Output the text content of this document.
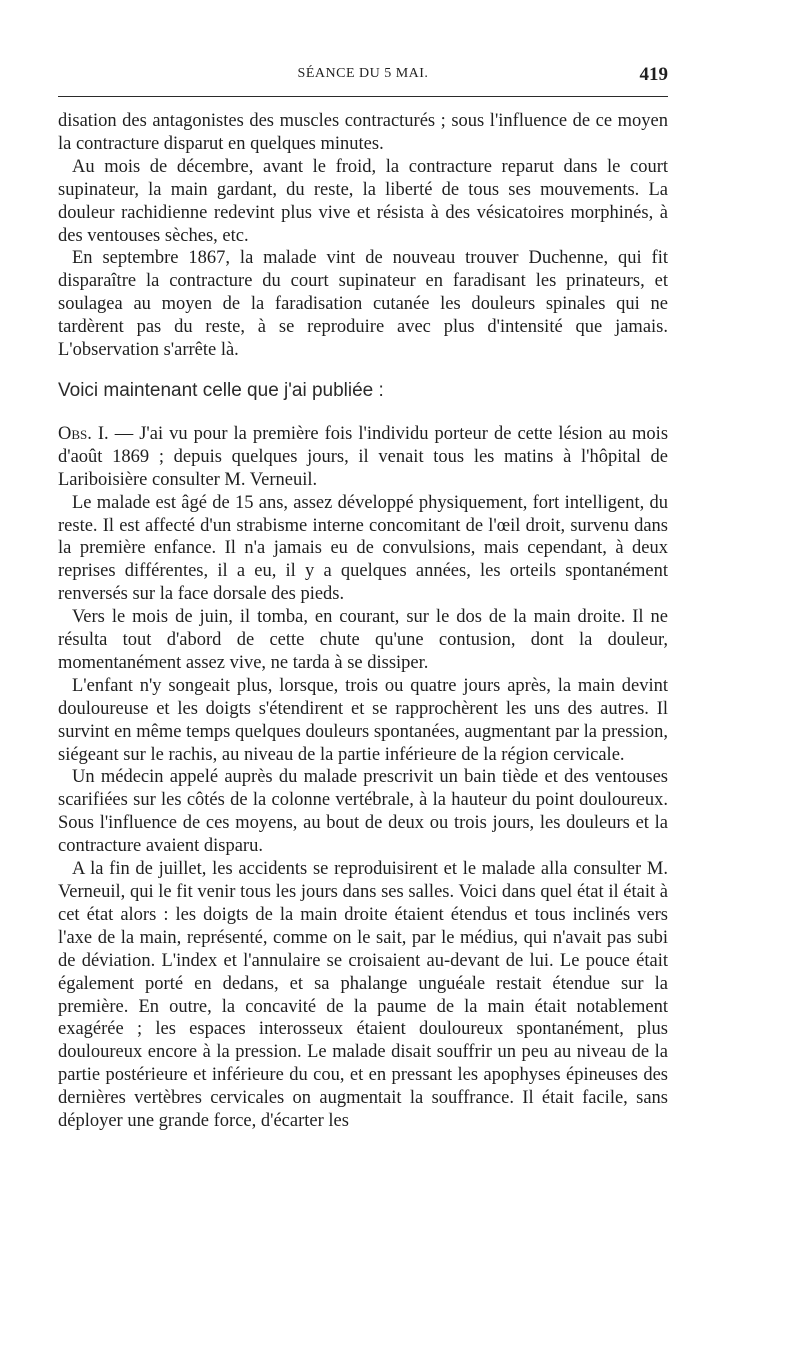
SÉANCE DU 5 MAI.	419

disation des antagonistes des muscles contracturés ; sous l'influence de ce moyen la contracture disparut en quelques minutes.

Au mois de décembre, avant le froid, la contracture reparut dans le court supinateur, la main gardant, du reste, la liberté de tous ses mouvements. La douleur rachidienne redevint plus vive et résista à des vésicatoires morphinés, à des ventouses sèches, etc.

En septembre 1867, la malade vint de nouveau trouver Duchenne, qui fit disparaître la contracture du court supinateur en faradisant les prinateurs, et soulagea au moyen de la faradisation cutanée les douleurs spinales qui ne tardèrent pas du reste, à se reproduire avec plus d'intensité que jamais. L'observation s'arrête là.

Voici maintenant celle que j'ai publiée :

Obs. I. — J'ai vu pour la première fois l'individu porteur de cette lésion au mois d'août 1869 ; depuis quelques jours, il venait tous les matins à l'hôpital de Lariboisière consulter M. Verneuil.

Le malade est âgé de 15 ans, assez développé physiquement, fort intelligent, du reste. Il est affecté d'un strabisme interne concomitant de l'œil droit, survenu dans la première enfance. Il n'a jamais eu de convulsions, mais cependant, à deux reprises différentes, il a eu, il y a quelques années, les orteils spontanément renversés sur la face dorsale des pieds.

Vers le mois de juin, il tomba, en courant, sur le dos de la main droite. Il ne résulta tout d'abord de cette chute qu'une contusion, dont la douleur, momentanément assez vive, ne tarda à se dissiper.

L'enfant n'y songeait plus, lorsque, trois ou quatre jours après, la main devint douloureuse et les doigts s'étendirent et se rapprochèrent les uns des autres. Il survint en même temps quelques douleurs spontanées, augmentant par la pression, siégeant sur le rachis, au niveau de la partie inférieure de la région cervicale.

Un médecin appelé auprès du malade prescrivit un bain tiède et des ventouses scarifiées sur les côtés de la colonne vertébrale, à la hauteur du point douloureux. Sous l'influence de ces moyens, au bout de deux ou trois jours, les douleurs et la contracture avaient disparu.

A la fin de juillet, les accidents se reproduisirent et le malade alla consulter M. Verneuil, qui le fit venir tous les jours dans ses salles. Voici dans quel état il était à cet état alors : les doigts de la main droite étaient étendus et tous inclinés vers l'axe de la main, représenté, comme on le sait, par le médius, qui n'avait pas subi de déviation. L'index et l'annulaire se croisaient au-devant de lui. Le pouce était également porté en dedans, et sa phalange unguéale restait étendue sur la première. En outre, la concavité de la paume de la main était notablement exagérée ; les espaces interosseux étaient douloureux spontanément, plus douloureux encore à la pression. Le malade disait souffrir un peu au niveau de la partie postérieure et inférieure du cou, et en pressant les apophyses épineuses des dernières vertèbres cervicales on augmentait la souffrance. Il était facile, sans déployer une grande force, d'écarter les
